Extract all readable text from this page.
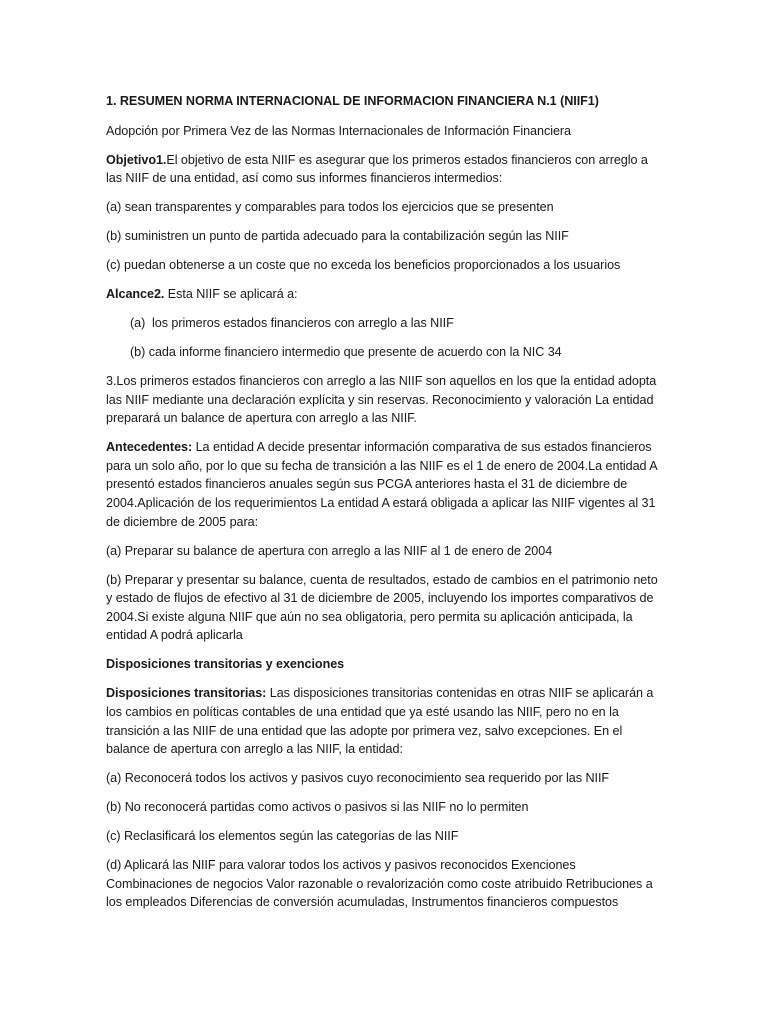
1. RESUMEN NORMA INTERNACIONAL DE INFORMACION FINANCIERA N.1 (NIIF1)

Adopción por Primera Vez de las Normas Internacionales de Información Financiera

Objetivo1.El objetivo de esta NIIF es asegurar que los primeros estados financieros con arreglo a las NIIF de una entidad, así como sus informes financieros intermedios:

(a) sean transparentes y comparables para todos los ejercicios que se presenten

(b) suministren un punto de partida adecuado para la contabilización según las NIIF

(c) puedan obtenerse a un coste que no exceda los beneficios proporcionados a los usuarios

Alcance2. Esta NIIF se aplicará a:

(a) los primeros estados financieros con arreglo a las NIIF

(b) cada informe financiero intermedio que presente de acuerdo con la NIC 34

3.Los primeros estados financieros con arreglo a las NIIF son aquellos en los que la entidad adopta las NIIF mediante una declaración explícita y sin reservas. Reconocimiento y valoración La entidad preparará un balance de apertura con arreglo a las NIIF.

Antecedentes: La entidad A decide presentar información comparativa de sus estados financieros para un solo año, por lo que su fecha de transición a las NIIF es el 1 de enero de 2004.La entidad A presentó estados financieros anuales según sus PCGA anteriores hasta el 31 de diciembre de 2004.Aplicación de los requerimientos La entidad A estará obligada a aplicar las NIIF vigentes al 31 de diciembre de 2005 para:

(a) Preparar su balance de apertura con arreglo a las NIIF al 1 de enero de 2004

(b) Preparar y presentar su balance, cuenta de resultados, estado de cambios en el patrimonio neto y estado de flujos de efectivo al 31 de diciembre de 2005, incluyendo los importes comparativos de 2004.Si existe alguna NIIF que aún no sea obligatoria, pero permita su aplicación anticipada, la entidad A podrá aplicarla

Disposiciones transitorias y exenciones

Disposiciones transitorias: Las disposiciones transitorias contenidas en otras NIIF se aplicarán a los cambios en políticas contables de una entidad que ya esté usando las NIIF, pero no en la transición a las NIIF de una entidad que las adopte por primera vez, salvo excepciones. En el balance de apertura con arreglo a las NIIF, la entidad:

(a) Reconocerá todos los activos y pasivos cuyo reconocimiento sea requerido por las NIIF

(b) No reconocerá partidas como activos o pasivos si las NIIF no lo permiten

(c) Reclasificará los elementos según las categorías de las NIIF

(d) Aplicará las NIIF para valorar todos los activos y pasivos reconocidos Exenciones Combinaciones de negocios Valor razonable o revalorización como coste atribuido Retribuciones a los empleados Diferencias de conversión acumuladas, Instrumentos financieros compuestos
